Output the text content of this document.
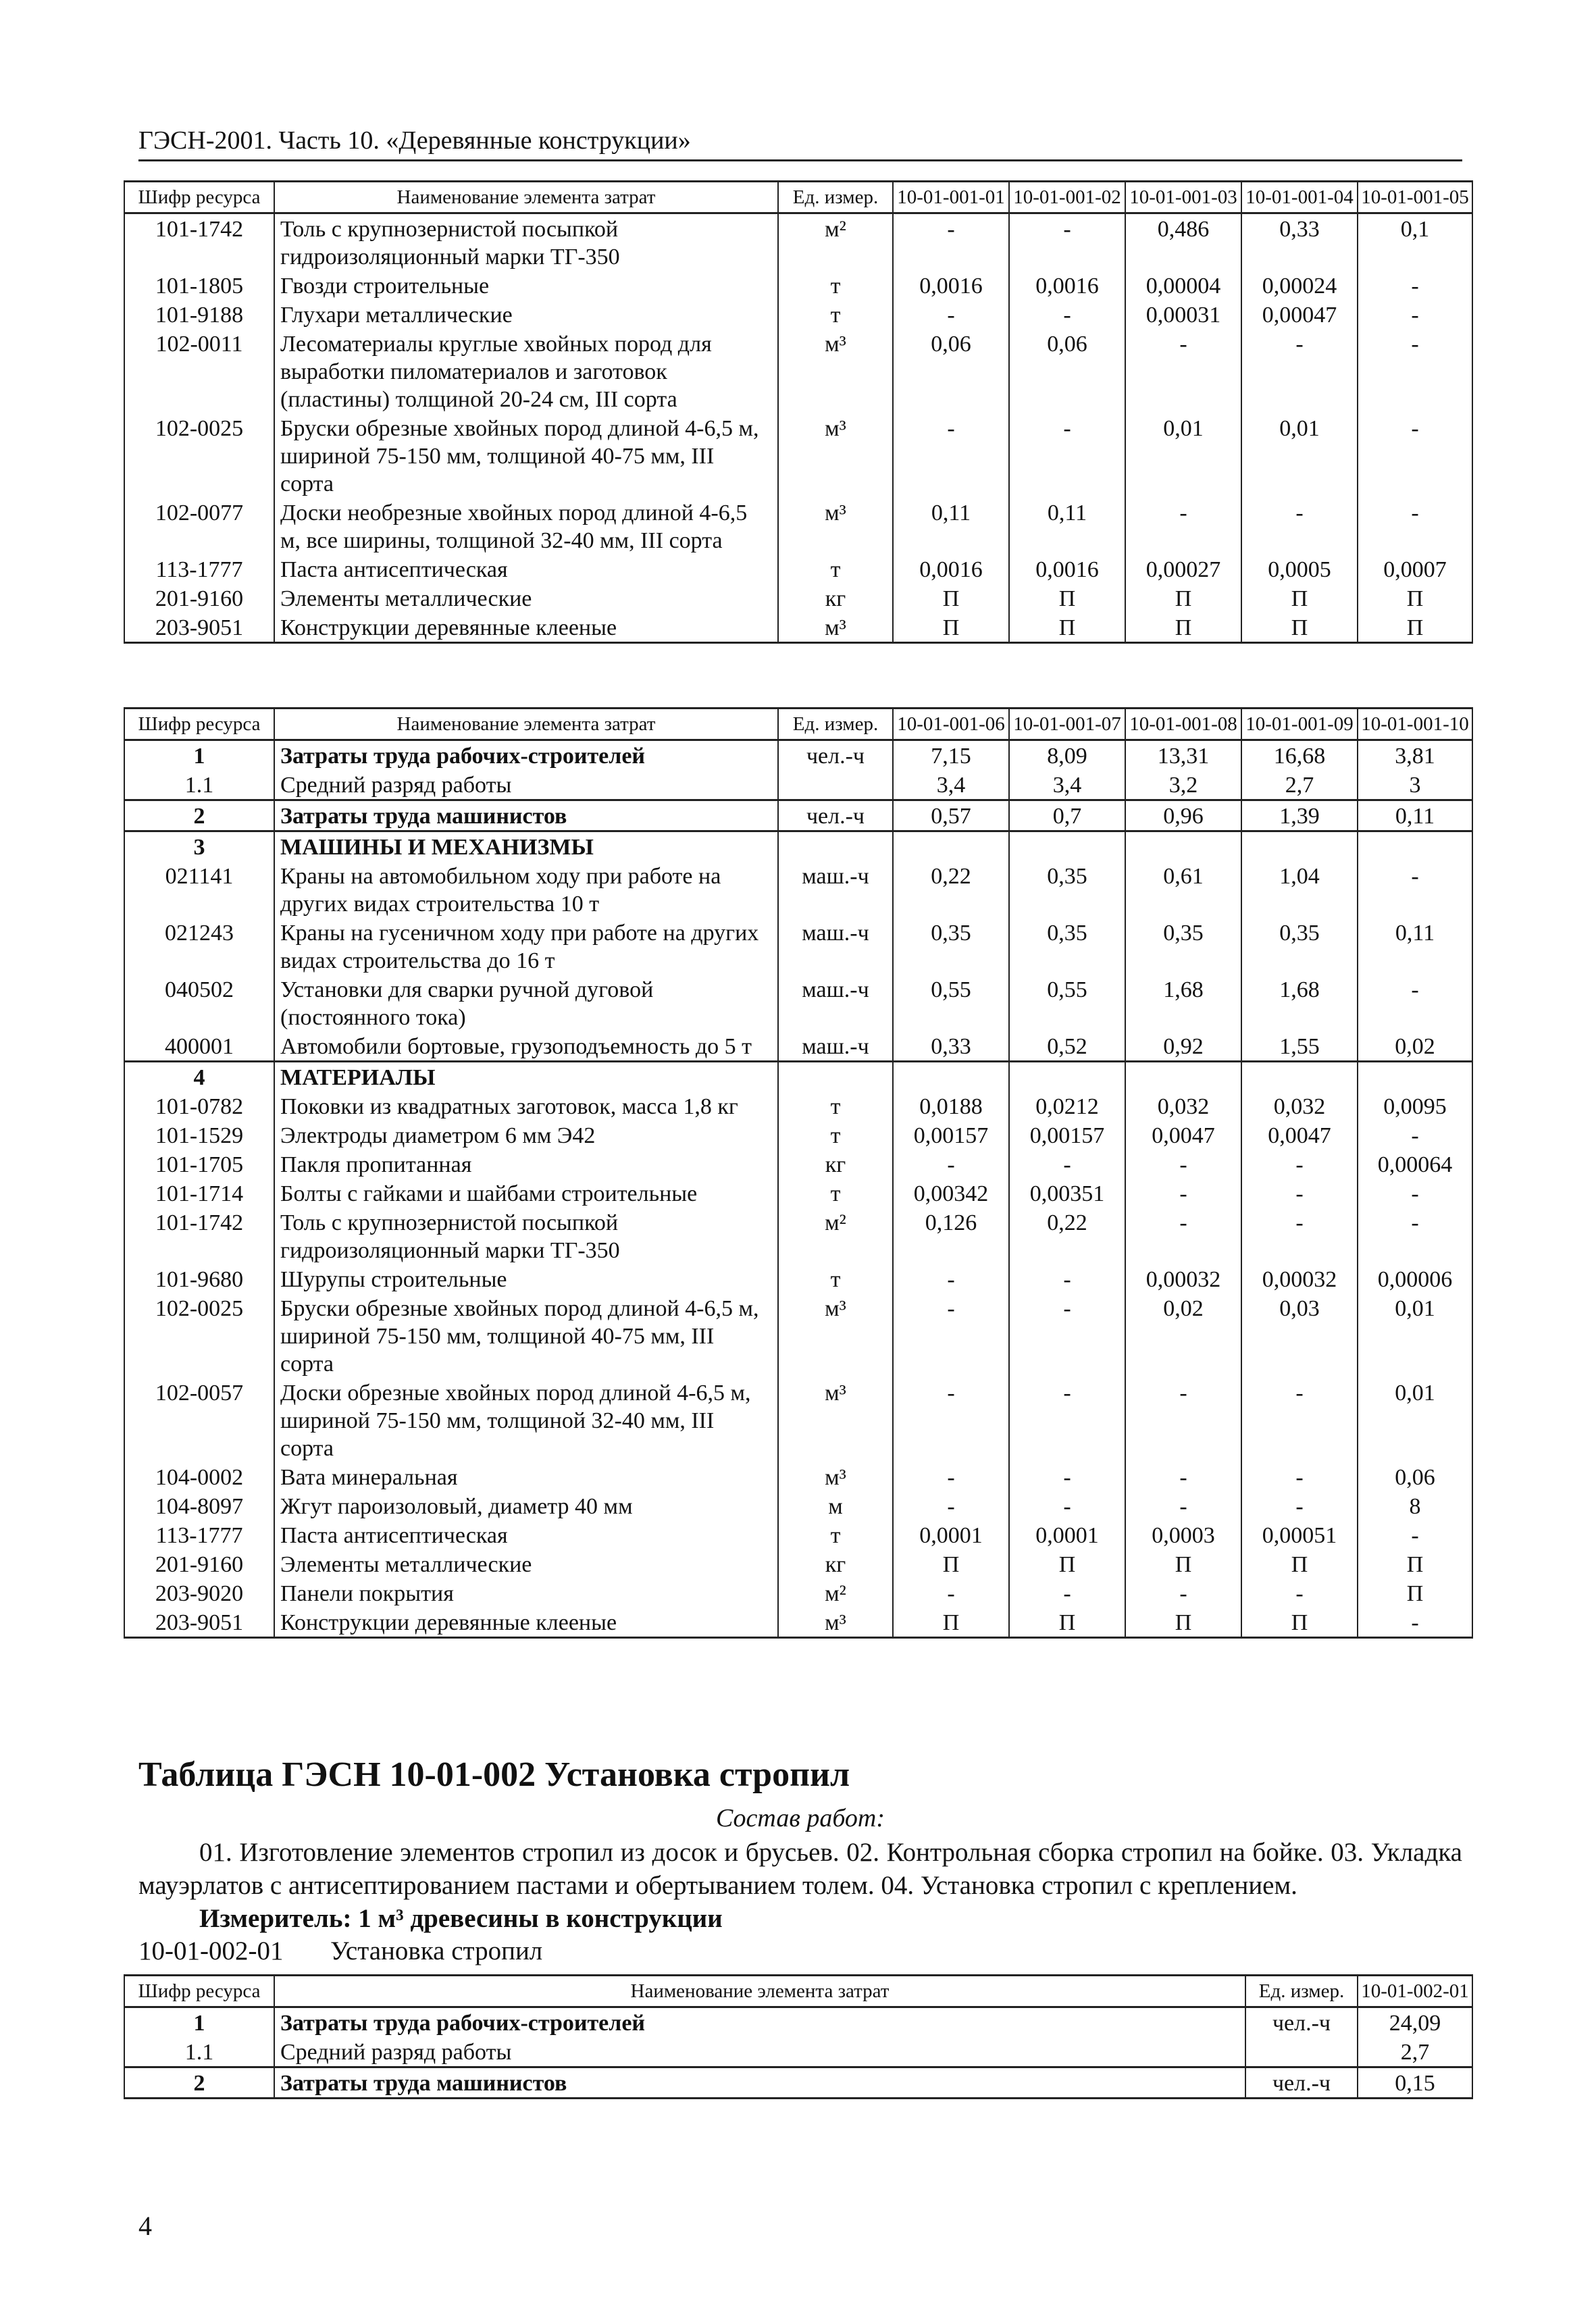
ГЭСН-2001. Часть 10. «Деревянные конструкции»
Шифр ресурса	Наименование элемента затрат	Ед. измер.	10-01-001-01	10-01-001-02	10-01-001-03	10-01-001-04	10-01-001-05
101-1742	Толь с крупнозернистой посыпкой гидроизоляционный марки ТГ-350	м²	-	-	0,486	0,33	0,1
101-1805	Гвозди строительные	т	0,0016	0,0016	0,00004	0,00024	-
101-9188	Глухари металлические	т	-	-	0,00031	0,00047	-
102-0011	Лесоматериалы круглые хвойных пород для выработки пиломатериалов и заготовок (пластины) толщиной 20-24 см, III сорта	м³	0,06	0,06	-	-	-
102-0025	Бруски обрезные хвойных пород длиной 4-6,5 м, шириной 75-150 мм, толщиной 40-75 мм, III сорта	м³	-	-	0,01	0,01	-
102-0077	Доски необрезные хвойных пород длиной 4-6,5 м, все ширины, толщиной 32-40 мм, III сорта	м³	0,11	0,11	-	-	-
113-1777	Паста антисептическая	т	0,0016	0,0016	0,00027	0,0005	0,0007
201-9160	Элементы металлические	кг	П	П	П	П	П
203-9051	Конструкции деревянные клееные	м³	П	П	П	П	П
Шифр ресурса	Наименование элемента затрат	Ед. измер.	10-01-001-06	10-01-001-07	10-01-001-08	10-01-001-09	10-01-001-10
1	Затраты труда рабочих-строителей	чел.-ч	7,15	8,09	13,31	16,68	3,81
1.1	Средний разряд работы		3,4	3,4	3,2	2,7	3
2	Затраты труда машинистов	чел.-ч	0,57	0,7	0,96	1,39	0,11
3	МАШИНЫ И МЕХАНИЗМЫ						
021141	Краны на автомобильном ходу при работе на других видах строительства 10 т	маш.-ч	0,22	0,35	0,61	1,04	-
021243	Краны на гусеничном ходу при работе на других видах строительства до 16 т	маш.-ч	0,35	0,35	0,35	0,35	0,11
040502	Установки для сварки ручной дуговой (постоянного тока)	маш.-ч	0,55	0,55	1,68	1,68	-
400001	Автомобили бортовые, грузоподъемность до 5 т	маш.-ч	0,33	0,52	0,92	1,55	0,02
4	МАТЕРИАЛЫ						
101-0782	Поковки из квадратных заготовок, масса 1,8 кг	т	0,0188	0,0212	0,032	0,032	0,0095
101-1529	Электроды диаметром 6 мм Э42	т	0,00157	0,00157	0,0047	0,0047	-
101-1705	Пакля пропитанная	кг	-	-	-	-	0,00064
101-1714	Болты с гайками и шайбами строительные	т	0,00342	0,00351	-	-	-
101-1742	Толь с крупнозернистой посыпкой гидроизоляционный марки ТГ-350	м²	0,126	0,22	-	-	-
101-9680	Шурупы строительные	т	-	-	0,00032	0,00032	0,00006
102-0025	Бруски обрезные хвойных пород длиной 4-6,5 м, шириной 75-150 мм, толщиной 40-75 мм, III сорта	м³	-	-	0,02	0,03	0,01
102-0057	Доски обрезные хвойных пород длиной 4-6,5 м, шириной 75-150 мм, толщиной 32-40 мм, III сорта	м³	-	-	-	-	0,01
104-0002	Вата минеральная	м³	-	-	-	-	0,06
104-8097	Жгут пароизоловый, диаметр 40 мм	м	-	-	-	-	8
113-1777	Паста антисептическая	т	0,0001	0,0001	0,0003	0,00051	-
201-9160	Элементы металлические	кг	П	П	П	П	П
203-9020	Панели покрытия	м²	-	-	-	-	П
203-9051	Конструкции деревянные клееные	м³	П	П	П	П	-
Таблица ГЭСН 10-01-002 Установка стропил
Состав работ:
01. Изготовление элементов стропил из досок и брусьев. 02. Контрольная сборка стропил на бойке. 03. Укладка мауэрлатов с антисептированием пастами и обертыванием толем. 04. Установка стропил с креплением.
Измеритель: 1 м³ древесины в конструкции
10-01-002-01 Установка стропил
Шифр ресурса	Наименование элемента затрат	Ед. измер.	10-01-002-01
1	Затраты труда рабочих-строителей	чел.-ч	24,09
1.1	Средний разряд работы		2,7
2	Затраты труда машинистов	чел.-ч	0,15
4
